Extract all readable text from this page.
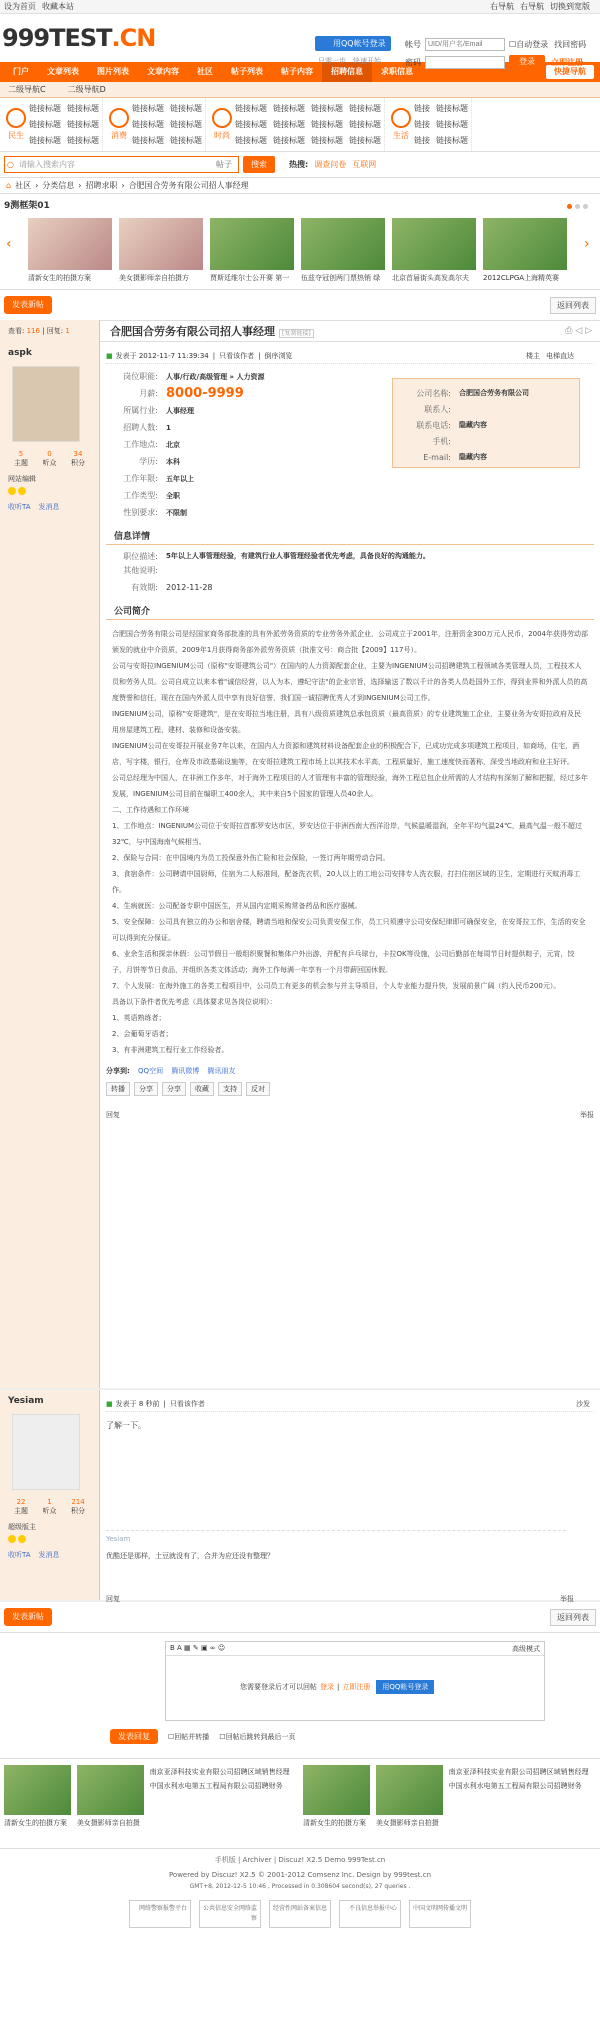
设为首页 收藏本站	右导航 右导航 切换到宽版
999TEST.CN	用QQ帐号登录
只需一步，快速开始
帐号
UID/用户名/Email	☐ 自动登录 找回密码
密码	登录	立即注册
门户	文章列表	图片列表	文章内容	社区	帖子列表	帖子内容	招聘信息	求职信息	快捷导航
二级导航C	二级导航D
民生
链接标题 链接标题
链接标题 链接标题
链接标题 链接标题
消费
链接标题 链接标题
链接标题 链接标题
链接标题 链接标题
时尚
链接标题 链接标题 链接标题 链接标题
链接标题 链接标题 链接标题 链接标题
链接标题 链接标题 链接标题 链接标题
生活
链接 链接标题
链接 链接标题
链接 链接标题
○ 请输入搜索内容	帖子	搜索	热搜: 调查问卷 互联网
⌂ 社区 › 分类信息 › 招聘求职 › 合肥国合劳务有限公司招人事经理
9测框架01
‹	›
清新女生的拍摄方案	美女摄影师亲自拍摄方	贾斯廷维尔士公开赛 第一	伍兹夺冠创两门票热销 绿	北京首届街头高发高尔夫	2012CLPGA上海精英赛
发表新帖	返回列表
查看: 116 | 回复: 1	合肥国合劳务有限公司招人事经理 [复制链接]	⎙ ◁ ▷
aspk
5
主题
0
听众
34
积分
网站编辑
收听TA 发消息
■ 发表于 2012-11-7 11:39:34 | 只看该作者 | 倒序浏览	楼主 电梯直达
岗位职能:	人事/行政/高级管理 » 人力资源
月薪: 8000-9999
所属行业:	人事经理
招聘人数:	1
工作地点:	北京
学历:	本科
工作年限:	五年以上
工作类型:	全职
性别要求:	不限制
公司名称:	合肥国合劳务有限公司
联系人:
联系电话:	隐藏内容
手机:
E-mail:	隐藏内容
信息详情
职位描述:	5年以上人事管理经验，有建筑行业人事管理经验者优先考虑，具备良好的沟通能力。
其他说明:
有效期:	2012-11-28
公司简介

合肥国合劳务有限公司是经国家商务部批准的具有外派劳务资质的专业劳务外派企业，公司成立于2001年，注册资金300万元人民币，2004年获得劳动部颁发的就业中介资质，2009年1月获得商务部外派劳务资质（批准文号：商合批【2009】117号）。

公司与安哥拉INGENIUM公司（原称"安哥建筑公司"）在国内的人力资源配套企业，主要为INGENIUM公司招聘建筑工程领域各类管理人员，工程技术人员和劳务人员。公司自成立以来本着"诚信经营，以人为本，遵纪守法"的企业宗旨，选择输送了数以千计的各类人员赴国外工作，得到业界和外派人员的高度赞誉和信任，现在在国内外派人员中享有良好信誉，我们国一诚招聘优秀人才到INGENIUM公司工作。

INGENIUM公司，原称"安哥建筑"，是在安哥拉当地注册，具有八级资质建筑总承包资质（最高资质）的专业建筑施工企业，主要业务为安哥拉政府及民用房屋建筑工程，建材、装修和设备安装。

INGENIUM公司在安哥拉开展业务7年以来，在国内人力资源和建筑材料设备配套企业的积极配合下，已成功完成多项建筑工程项目，如商场，住宅，酒店，写字楼，银行，仓库及市政基础设施等，在安哥拉建筑工程市场上以其技术水平高，工程质量好，施工速度快而著称，深受当地政府和业主好评。

公司总经理为中国人，在非洲工作多年，对于海外工程项目的人才管理有丰富的管理经验，海外工程总包企业所需的人才结构有深刻了解和把握，经过多年发展，INGENIUM公司目前在编职工400余人，其中来自5个国家的管理人员40余人。

二、工作待遇和工作环境

1、工作地点：INGENIUM公司位于安哥拉首都罗安达市区，罗安达位于非洲西南大西洋沿岸，气候温暖湿润，全年平均气温24℃，最高气温一般不超过32℃，与中国海南气候相当。

2、保险与合同：在中国境内为员工投保意外伤亡险和社会保险，一签订两年期劳动合同。

3、食宿条件：公司聘请中国厨师，住宿为二人标准间，配备洗衣机，20人以上的工地公司安排专人洗衣服，打扫住宿区域的卫生，定期进行灭蚊消毒工作。

4、生病就医：公司配备专职中国医生，并从国内定期采购常备药品和医疗器械。

5、安全保障：公司具有独立的办公和宿舍楼，聘请当地和保安公司负责安保工作，员工只须遵守公司安保纪律即可确保安全，在安哥拉工作，生活的安全可以得到充分保证。

6、业余生活和探亲休假：公司节假日一般组织聚餐和集体户外出游，并配有乒乓球台，卡拉OK等设施，公司后勤部在每周节日时提供粽子，元宵，饺子，月饼等节日食品，并组织各类文体活动；海外工作每满一年享有一个月带薪回国休假。

7、个人发展：在海外施工的各类工程项目中，公司员工有更多的机会参与并主导项目，个人专业能力提升快，发展前景广阔（约人民币200元）。

具备以下条件者优先考虑（具体要求见各岗位说明）：

1、英语熟练者；

2、会葡萄牙语者；

3、有非洲建筑工程行业工作经验者。

分享到: QQ空间 腾讯微博 腾讯朋友
转播	分享	分享	收藏	支持	反对
回复	举报
Yesiam
22
主题
1
听众
214
积分
超级版主
收听TA 发消息
■ 发表于 8 秒前 | 只看该作者	沙发
了解一下。
Yesiam
优酷还是那样，土豆就没有了，合并为应还没有整理？
回复	举报
发表新帖	返回列表
B A ▦ ✎ ▣ ∞ ☺	高级模式
您需要登录后才可以回帖 登录 | 立即注册	用QQ帐号登录
发表回复	☐ 回帖并转播 ☐ 回帖后跳转到最后一页
清新女生的拍摄方案	美女摄影师亲自拍摄
南京亚泽科技实业有限公司招聘区域销售经理
中国水利水电第五工程局有限公司招聘财务
清新女生的拍摄方案	美女摄影师亲自拍摄
南京亚泽科技实业有限公司招聘区域销售经理
中国水利水电第五工程局有限公司招聘财务
手机版 | Archiver | Discuz! X2.5 Demo 999Test.cn
Powered by Discuz! X2.5 © 2001-2012 Comsenz Inc. Design by 999test.cn
GMT+8, 2012-12-5 10:46 , Processed in 0.308604 second(s), 27 queries .
网络警察报警平台	公共信息安全网络监察
经营性网站备案信息	不良信息举报中心	中国文明网传播文明
